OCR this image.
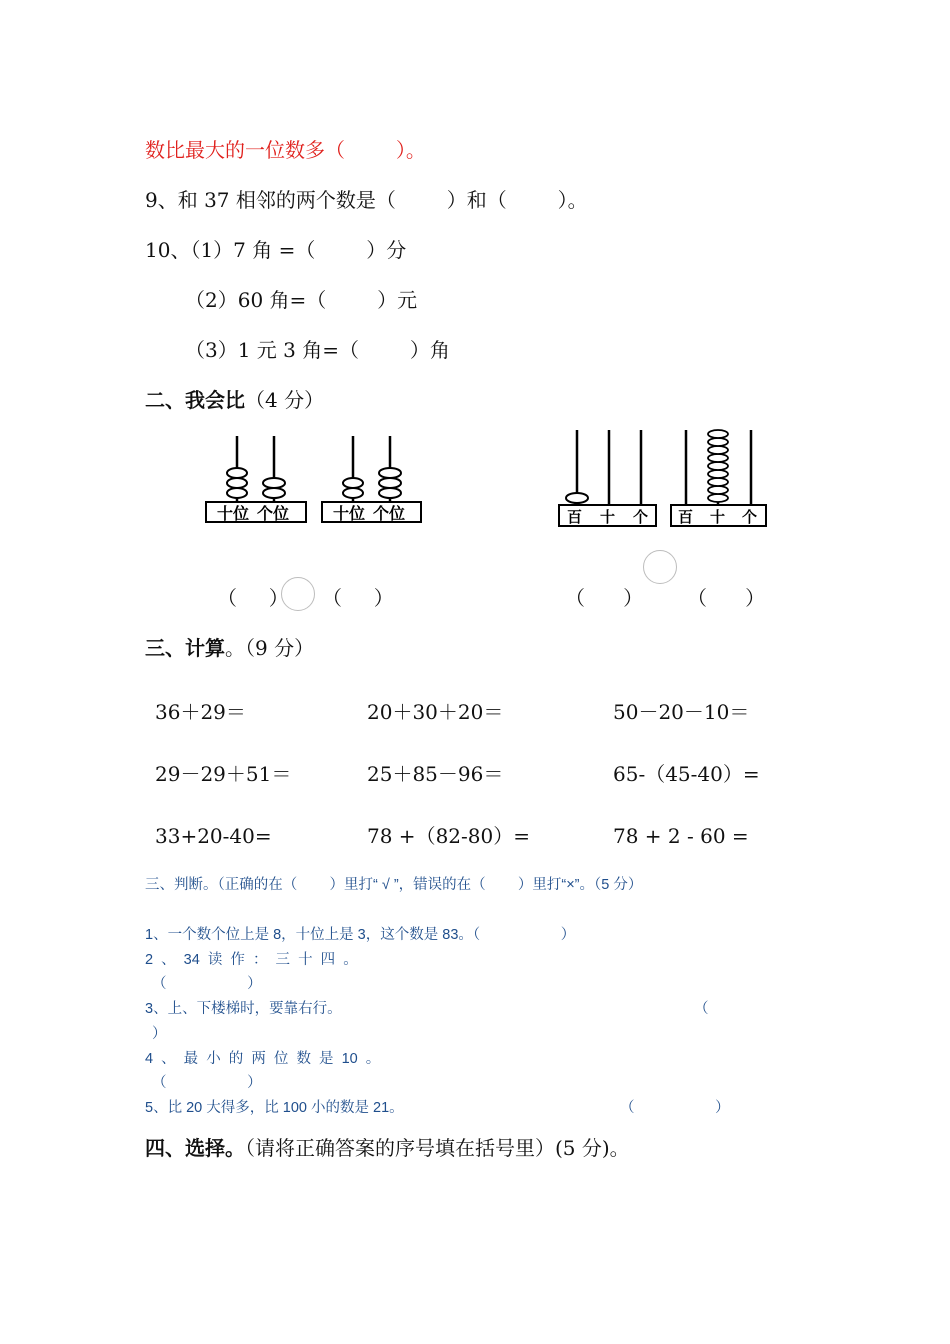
数比最大的一位数多（        ）。
9、和 37 相邻的两个数是（        ）和（        ）。
10、（1）7 角 =（        ）分
（2）60 角=（        ）元
（3）1 元 3 角=（        ）角
二、我会比（4 分）
十位 个位	十位 个位	百 十 个 百 十 个
（     ） （     ）	（      ） （      ）
三、计算。（9 分）
36＋29＝	20＋30＋20＝	50－20－10＝
29－29＋51＝	25＋85－96＝	65-（45-40）=
33+20-40=	78 +（82-80）=	78 + 2 - 60 =
三、判断。（正确的在（        ）里打“ √ ”，错误的在（        ）里打“×”。（5 分）
1、一个数个位上是 8，十位上是 3，这个数是 83。（                    ）
2  、  34  读  作  ：  三  十  四  。
（                    ）
3、上、下楼梯时，要靠右行。	（
）
4  、  最  小  的  两  位  数  是  10  。
（                    ）
5、比 20 大得多，比 100 小的数是 21。	（                    ）
四、选择。（请将正确答案的序号填在括号里）(5 分)。
